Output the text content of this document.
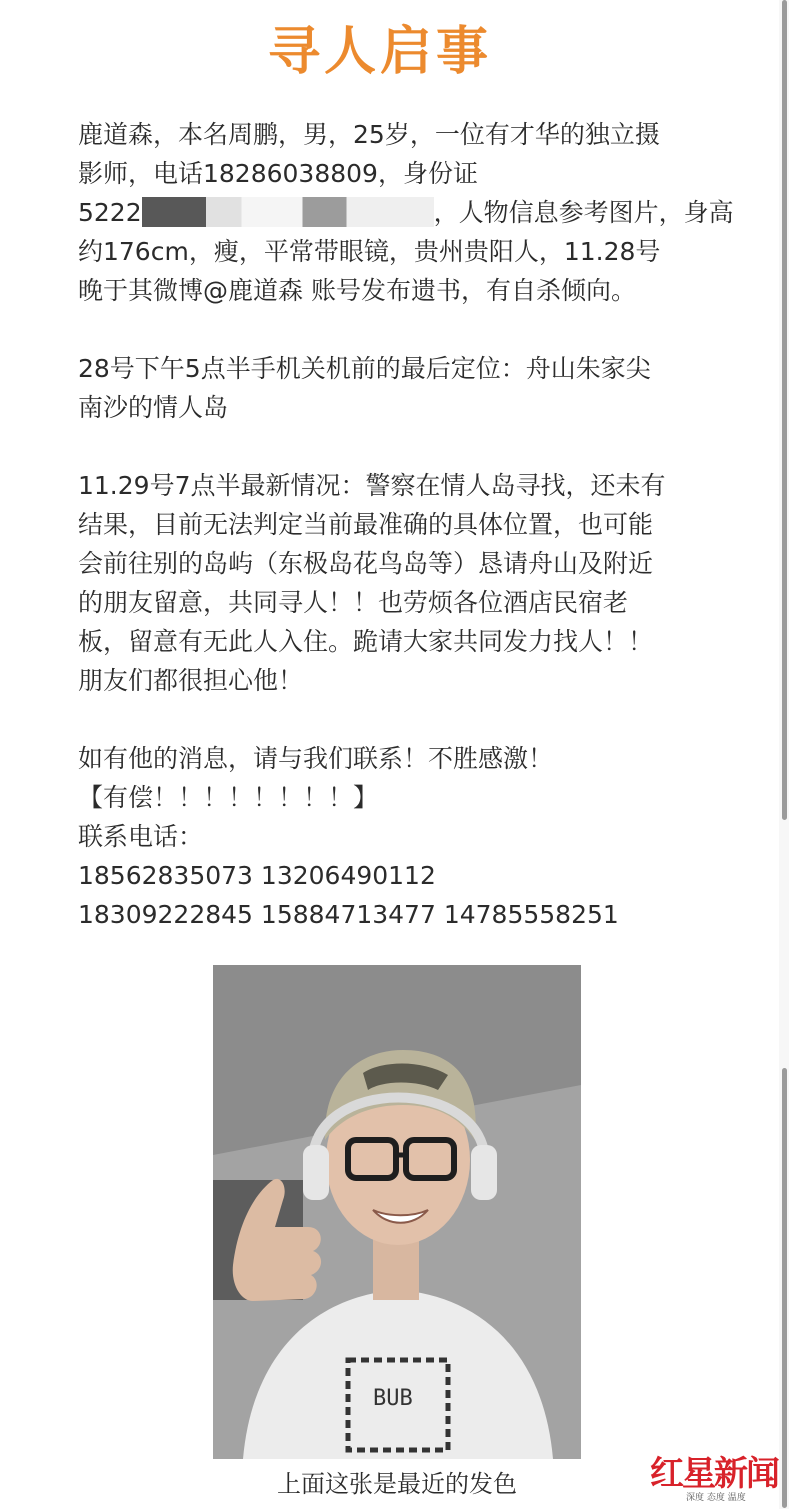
寻人启事
鹿道森，本名周鹏，男，25岁，一位有才华的独立摄
影师，电话18286038809，身份证
5222	，人物信息参考图片，身高
约176cm，瘦，平常带眼镜，贵州贵阳人，11.28号
晚于其微博@鹿道森 账号发布遗书，有自杀倾向。
28号下午5点半手机关机前的最后定位：舟山朱家尖
南沙的情人岛
11.29号7点半最新情况：警察在情人岛寻找，还未有
结果，目前无法判定当前最准确的具体位置，也可能
会前往别的岛屿（东极岛花鸟岛等）恳请舟山及附近
的朋友留意，共同寻人！！也劳烦各位酒店民宿老
板，留意有无此人入住。跪请大家共同发力找人！！
朋友们都很担心他！
如有他的消息，请与我们联系！不胜感激！
【有偿！！！！！！！！】
联系电话：
18562835073 13206490112
18309222845 15884713477 14785558251
BUB
上面这张是最近的发色	红星新闻
深度 态度 温度
